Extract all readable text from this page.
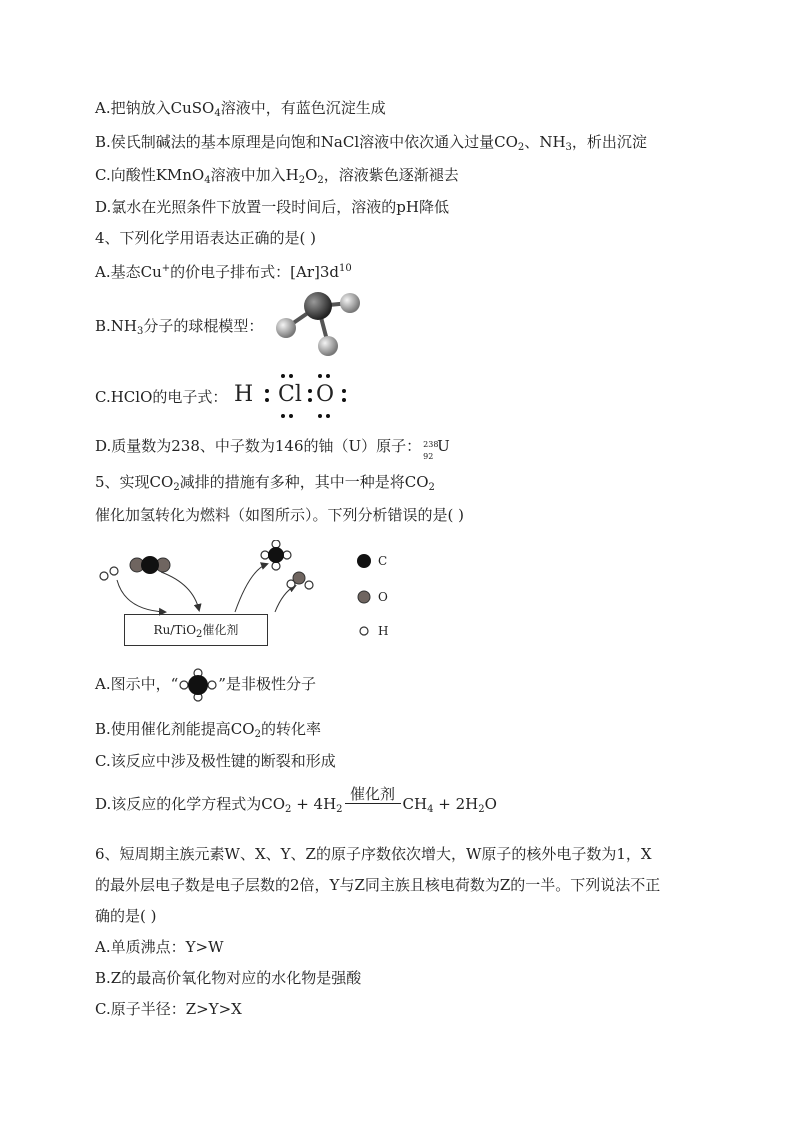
A.把钠放入CuSO$_4$溶液中，有蓝色沉淀生成
B.侯氏制碱法的基本原理是向饱和NaCl溶液中依次通入过量$CO_2$、$NH_3$，析出沉淀
C.向酸性KMnO$_4$溶液中加入$H_2O_2$，溶液紫色逐渐褪去
D.氯水在光照条件下放置一段时间后，溶液的pH降低
4、下列化学用语表达正确的是( )
A.基态Cu+的价电子排布式：$[Ar]3d^{10}$
$B.NH_3$分子的球棍模型：
C.HClO的电子式： H Cl O
D.质量数为238、中子数为146的铀（U）原子： 238
92
U
5、实现$CO_2$减排的措施有多种，其中一种是将$CO_2$
催化加氢转化为燃料（如图所示）。下列分析错误的是( )
Ru/TiO$_2$催化剂
C
O
H
A.图示中，“	”是非极性分子
B.使用催化剂能提高$CO_2$的转化率
C.该反应中涉及极性键的断裂和形成
D.该反应的化学方程式为$CO_2 + 4H_2$
催化剂
$CH_4 + 2H_2O$
6、短周期主族元素W、X、Y、Z的原子序数依次增大，W原子的核外电子数为1，X
的最外层电子数是电子层数的2倍，Y与Z同主族且核电荷数为Z的一半。下列说法不正
确的是( )
A.单质沸点：Y>W
B.Z的最高价氧化物对应的水化物是强酸
C.原子半径：Z>Y>X
